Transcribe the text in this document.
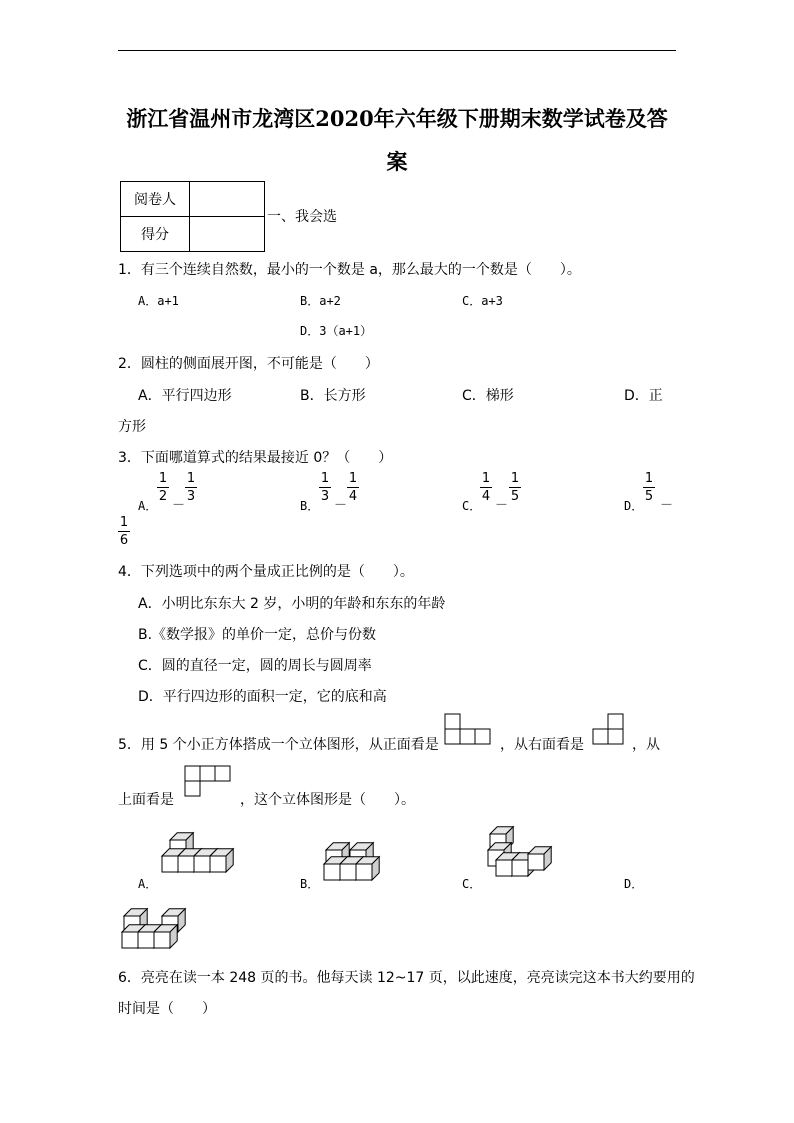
浙江省温州市龙湾区2020年六年级下册期末数学试卷及答
案
阅卷人	
得分	
一、我会选
1．有三个连续自然数，最小的一个数是 a，那么最大的一个数是（　　）。
A．a+1	B．a+2	C．a+3
D．3（a+1）
2．圆柱的侧面展开图，不可能是（　　）
A．平行四边形	B．长方形	C．梯形	D．正
方形
3．下面哪道算式的结果最接近 0？（　　）
A．
1
2
－
1
3
B．
1
3
－
1
4
C．
1
4
－
1
5
D．
1
5
－
1
6
4．下列选项中的两个量成正比例的是（　　）。
A．小明比东东大 2 岁，小明的年龄和东东的年龄
B.《数学报》的单价一定，总价与份数
C．圆的直径一定，圆的周长与圆周率
D．平行四边形的面积一定，它的底和高
5．用 5 个小正方体搭成一个立体图形，从正面看是	，从右面看是	，从
上面看是	，这个立体图形是（　　）。
A．	B．	C．	D．
6．亮亮在读一本 248 页的书。他每天读 12~17 页，以此速度，亮亮读完这本书大约要用的
时间是（　　）
